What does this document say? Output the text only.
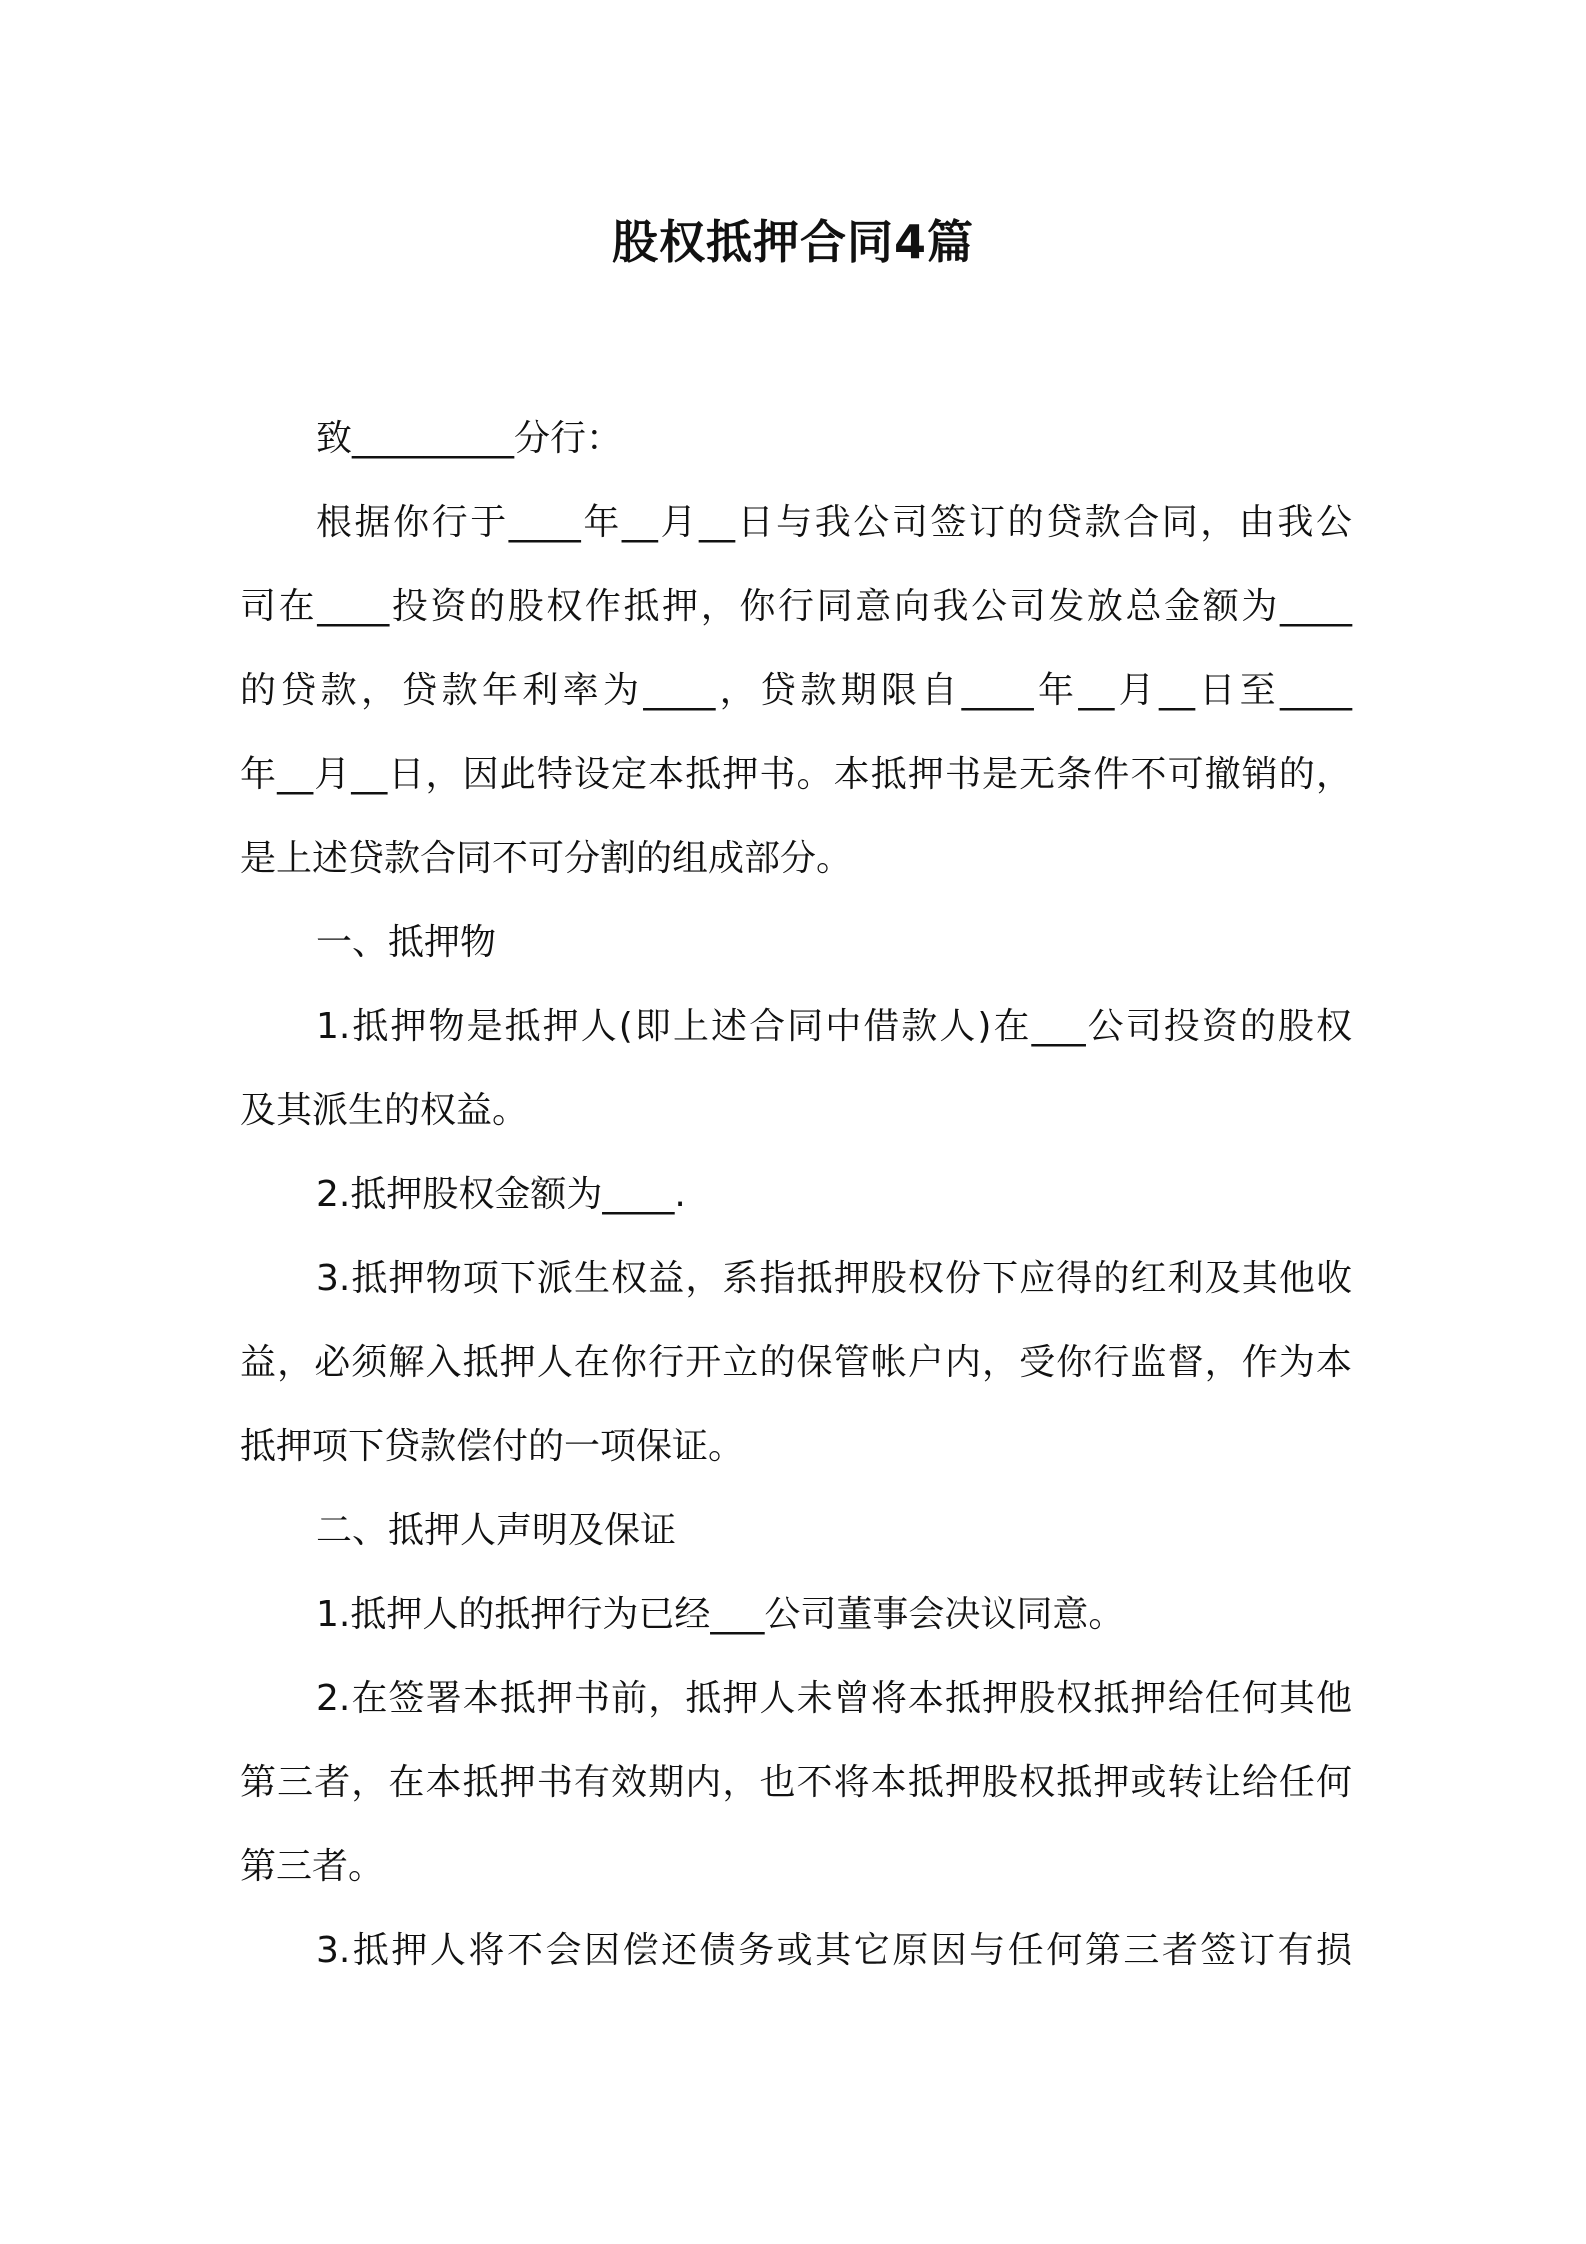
股权抵押合同4篇
致_________分行：
根据你行于____年__月__日与我公司签订的贷款合同，由我公
司在____投资的股权作抵押，你行同意向我公司发放总金额为____
的贷款，贷款年利率为____，贷款期限自____年__月__日至____
年__月__日，因此特设定本抵押书。本抵押书是无条件不可撤销的，
是上述贷款合同不可分割的组成部分。
一、抵押物
1.抵押物是抵押人(即上述合同中借款人)在___公司投资的股权
及其派生的权益。
2.抵押股权金额为____.
3.抵押物项下派生权益，系指抵押股权份下应得的红利及其他收
益，必须解入抵押人在你行开立的保管帐户内，受你行监督，作为本
抵押项下贷款偿付的一项保证。
二、抵押人声明及保证
1.抵押人的抵押行为已经___公司董事会决议同意。
2.在签署本抵押书前，抵押人未曾将本抵押股权抵押给任何其他
第三者，在本抵押书有效期内，也不将本抵押股权抵押或转让给任何
第三者。
3.抵押人将不会因偿还债务或其它原因与任何第三者签订有损
